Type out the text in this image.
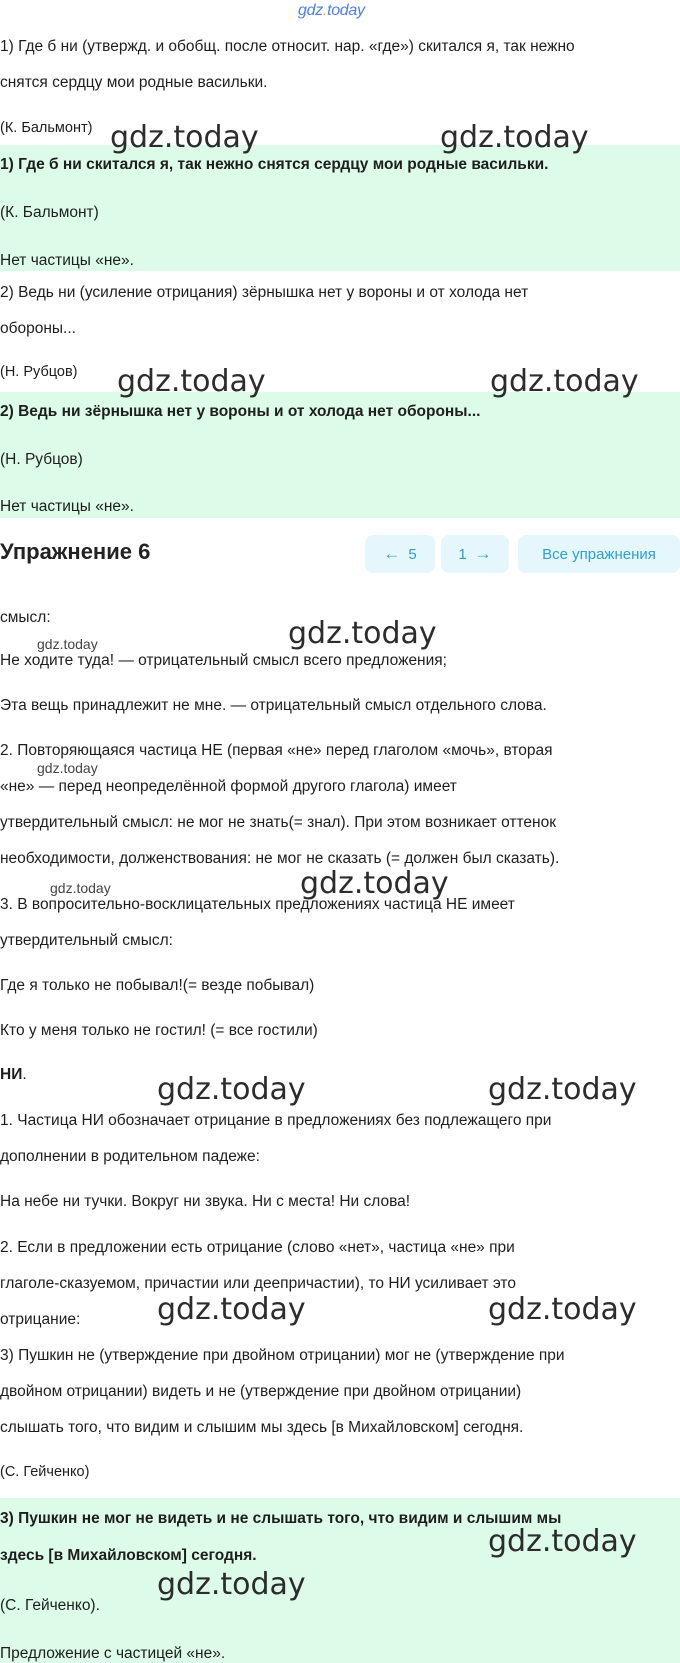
gdz.today
1) Где б ни (утвержд. и обобщ. после относит. нар. «где») скитался я, так нежно
снятся сердцу мои родные васильки.
(К. Бальмонт)
1) Где б ни скитался я, так нежно снятся сердцу мои родные васильки.
(К. Бальмонт)
Нет частицы «не».
2) Ведь ни (усиление отрицания) зёрнышка нет у вороны и от холода нет
обороны...
(Н. Рубцов)
2) Ведь ни зёрнышка нет у вороны и от холода нет обороны...
(Н. Рубцов)
Нет частицы «не».
Упражнение 6	← 5	1 →	Все упражнения
смысл:
Не ходите туда! — отрицательный смысл всего предложения;
Эта вещь принадлежит не мне. — отрицательный смысл отдельного слова.
2. Повторяющаяся частица НЕ (первая «не» перед глаголом «мочь», вторая
«не» — перед неопределённой формой другого глагола) имеет
утвердительный смысл: не мог не знать(= знал). При этом возникает оттенок
необходимости, долженствования: не мог не сказать (= должен был сказать).
3. В вопросительно-восклицательных предложениях частица НЕ имеет
утвердительный смысл:
Где я только не побывал!(= везде побывал)
Кто у меня только не гостил! (= все гостили)
НИ.
1. Частица НИ обозначает отрицание в предложениях без подлежащего при
дополнении в родительном падеже:
На небе ни тучки. Вокруг ни звука. Ни с места! Ни слова!
2. Если в предложении есть отрицание (слово «нет», частица «не» при
глаголе-сказуемом, причастии или деепричастии), то НИ усиливает это
отрицание:
3) Пушкин не (утверждение при двойном отрицании) мог не (утверждение при
двойном отрицании) видеть и не (утверждение при двойном отрицании)
слышать того, что видим и слышим мы здесь [в Михайловском] сегодня.
(С. Гейченко)
3) Пушкин не мог не видеть и не слышать того, что видим и слышим мы
здесь [в Михайловском] сегодня.
(С. Гейченко).
Предложение с частицей «не».
gdz.today	gdz.today
gdz.today	gdz.today
gdz.today
gdz.today
gdz.today
gdz.today
gdz.today
gdz.today	gdz.today
gdz.today	gdz.today
gdz.today
gdz.today
